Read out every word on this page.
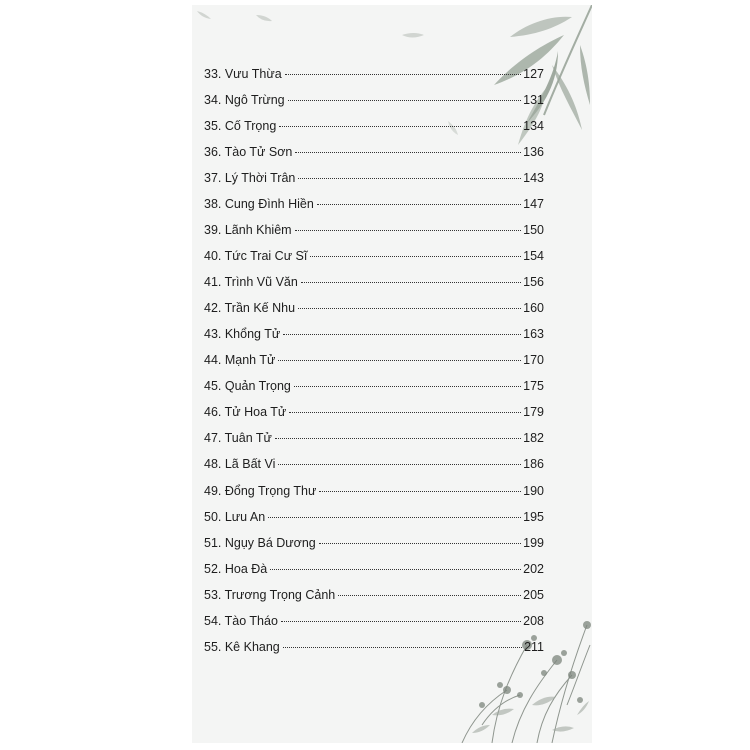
33. Vưu Thừa	127
34. Ngô Trừng	131
35. Cố Trọng	134
36. Tào Tử Sơn	136
37. Lý Thời Trân	143
38. Cung Đình Hiền	147
39. Lãnh Khiêm	150
40. Tức Trai Cư Sĩ	154
41. Trình Vũ Văn	156
42. Trần Kế Nhu	160
43. Khổng Tử	163
44. Mạnh Tử	170
45. Quản Trọng	175
46. Tử Hoa Tử	179
47. Tuân Tử	182
48. Lã Bất Vi	186
49. Đổng Trọng Thư	190
50. Lưu An	195
51. Ngụy Bá Dương	199
52. Hoa Đà	202
53. Trương Trọng Cảnh	205
54. Tào Tháo	208
55. Kê Khang	211
